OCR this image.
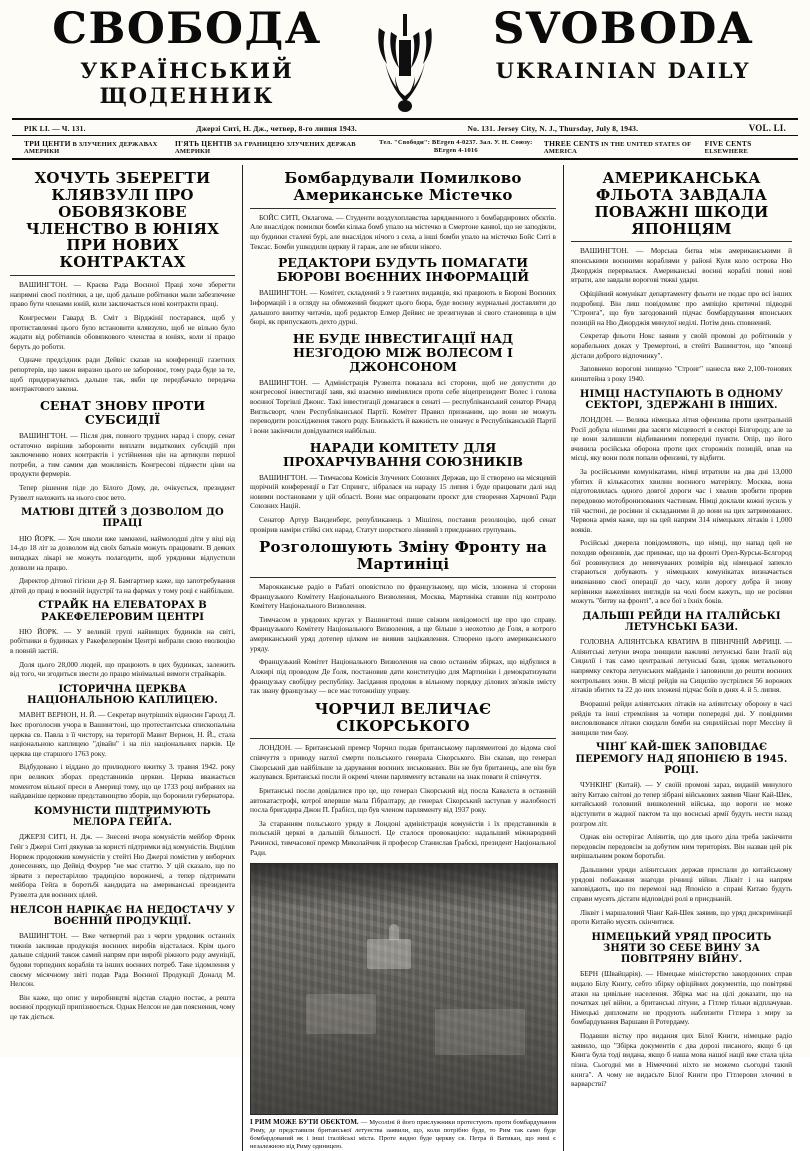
СВОБОДА
УКРАЇНСЬКИЙ ЩОДЕННИК
SVOBODA
UKRAINIAN DAILY
РІК LI. — Ч. 131.	Джерзі Ситі, Н. Дж., четвер, 8-го липня 1943.	No. 131. Jersey City, N. J., Thursday, July 8, 1943.	VOL. LI.
ТРИ ЦЕНТИ В ЗЛУЧЕНИХ ДЕРЖАВАХ АМЕРИКИ
П'ЯТЬ ЦЕНТІВ ЗА ГРАНИЦЕЮ ЗЛУЧЕНИХ ДЕРЖАВ АМЕРИКИ
Тел. "Свободи": BErgen 4-0237. Зал. У. Н. Союзу: BErgen 4-1016
THREE CENTS IN THE UNITED STATES OF AMERICA
FIVE CENTS ELSEWHERE
ХОЧУТЬ ЗБЕРЕГТИ КЛЯВЗУЛІ ПРО ОБОВЯЗКОВЕ ЧЛЕНСТВО В ЮНІЯХ ПРИ НОВИХ КОНТРАКТАХ

ВАШИНГТОН. — Краєва Рада Воєнної Праці хоче зберегти напрямні своєї політики, а це, щоб дальше робітники мали забезпечене право бути членами юній, коли заключається нові контракти праці.

Конгресмен Гавард В. Сміт з Вірджінії постарався, щоб у протиставленні цього було встановити клявзулю, щоб не вільно було жадати від робітників обовязкового членства в юніях, коли зі працю беруть до роботи.

Одначе предсідник ради Дейвіс сказав на конференції газетних репортерів, що закон виразно цього не заборонює, тому рада буде за те, щоб придержуватись дальше так, якби це передбачало передача контрактового закона.

СЕНАТ ЗНОВУ ПРОТИ СУБСИДІЇ

ВАШИНГТОН. — Після дня, повного трудних нарад і спору, сенат остаточно вирішив заборонити виплати видаткових субсидій при заключенню нових контрактів і устійнення цін на артикули першої потреби, а тим самим дав можливість Конгресові піднести ціни на продукти фермерів.

Тепер рішення піде до Білого Дому, де, очікується, президент Рузвелт наложить на нього своє вето.

МАТЮВІ ДІТЕЙ З ДОЗВОЛОМ ДО ПРАЦІ

НЮ ЙОРК. — Хоч школи вже замкнені, наймолодші діти у віці від 14-до 18 літ за дозволом від своїх батьків можуть працювати. В деяких випадках лікарі не можуть полагодити, щоб урядники відпустили дозволи на працю.

Директор дітової гігієни д-р Я. Бамгартнер каже, що запотребування дітей до праці в воєнній індустрії та на фармах у тому році є найбільше.

СТРАЙК НА ЕЛЕВАТОРАХ В РАКЕФЕЛЕРОВИМ ЦЕНТРІ

НЮ ЙОРК. — У великій групі найвищих будинків на світі, робітники в будинках у Ракефелеровім Центрі вибрали свою еволюцію в повній застій.

Доля цього 28,000 людей, що працюють в цих будинках, залежить від того, чи згодиться звести до працю мінімальні вимоги страйкарів.

ІСТОРИЧНА ЦЕРКВА НАЦІОНАЛЬНОЮ КАПЛИЦЕЮ.

МАВНТ ВЕРНОН, Н. Й. — Секретар внутрішніх відносин Гаролд Л. Ікес проголосив учора в Вашингтоні, що протестантська єпископальна церква св. Павла з її чистору, на території Мавнт Вернон, Н. Й., стала національною каплицею "дівайн" і на піл національних парків. Це церква ще старшого 1763 року.

Відбудовано і віддано до прилюдного вжитку 3. травня 1942. року при великих зборах представників церкви. Церква вважається моментом вільної преси в Америці тому, що це 1733 році вибраних на найдавніше церковне представництво зборів, що боронили губернатора.

КОМУНІСТИ ПІДТРИМУЮТЬ МЕЛОРА ГЕЙҐА.

ДЖЕРЗІ СИТІ, Н. Дж. — Знесені вчора комуністів мейбор Френк Гейґ з Джерзі Ситі дякував за користі підтримки від комуністів. Виділив Норвеж продовжив комуністів у стейті Ню Джерзі помістив у виборчих донесеннях, що Дейвід Фоурер "не має статтю. У цій сказало, що по зірвати з перестарілою традицією ворожнечі, а тепер підтримати мейбора Гейґа в боротьбі кандидата на американські президента Рузвелта для воєнних цілей.

НЕЛСОН НАРІКАЄ НА НЕДОСТАЧУ У ВОЄННІЙ ПРОДУКЦІЇ.

ВАШИНГТОН. — Вже четвертий раз з черги урядовик останніх тижнів закликав продукція воєнних виробів відсталася. Крім цього дальше слідний також самий напрям при виробі ріжного роду амуніції, будови торпедних кораблів та інших воєнних потреб. Таке зідомлення у своєму місячному звіті подав Рада Воєнної Продукції Доналд М. Нелсон.

Він каже, що опис у виробництві відстав сладно постає, а решта воєнної продукції припізнюється. Однак Нелсон не дав пояснення, чому це так діється.

Бомбардували Помилково Американське Містечко

БОЙС СИТІ, Оклагома. — Студенти воздухоплавства зарядженного з бомбардирових обєктів. Але внаслідок помилки бомби кілька бомб упало на містечко в Смертоне канвої, що не заподіяли, що будинки сталеві бурі, але внаслідок нічого з села, а інші бомби упало на містечко Бойс Ситі в Тексас. Бомби ушкодили церкву й гараж, але не вбили нікого.

РЕДАКТОРИ БУДУТЬ ПОМАГАТИ БЮРОВІ ВОЄННИХ ІНФОРМАЦІЙ

ВАШИНГТОН. — Комітет, складений з 9 газетних видавців, які працюють в Бюрові Воєнних Інформацій і в огляду на обмежений бюджет цього бюра, буде воєнну журнальні доставляти до дальшого вжитку читачів, щоб редактор Елмер Дейвис не зрезигнував зі свого становища в цім бюрі, як припускають дехто дурні.

НЕ БУДЕ ІНВЕСТИГАЦІЇ НАД НЕЗГОДОЮ МІЖ ВОЛЕСОМ І ДЖОНСОНОМ

ВАШИНГТОН. — Адміністрація Рузвелта показала всі сторони, щоб не допустити до конгресової інвестигації заяв, які взаємно вимінялися проти себе віцепрезидент Волес і голова воєнної Торгівлі Джонс. Такі інвестигації домагався в сенаті — республіканський сенатор Річард Вигльсворт, член Республіканської Партії. Комітет Правил признаним, що вони не можуть переводити розслідження такого роду. Близькість й важність не означує в Республіканській Партії і вони закінчили довідуватися найбільш.

НАРАДИ КОМІТЕТУ ДЛЯ ПРОХАРЧУВАННЯ СОЮЗНИКІВ

ВАШИНГТОН. — Тимчасова Комісія Злучених Союзних Держав, що її створено на місяцевій щорічній конференції в Гат Спрингс, зібралася на нараду 15 липня і буде працювати далі над новими постановами у цій області. Вони має опрацювати проєкт для створення Харчової Ради Союзних Націй.

Сенатор Артур Ванденберґ, републиканець з Мішіґен, поставив резолюцію, щоб сенат провірив наміри стійкі сих нарад. Статут шорсткого лінивий з приєднаних групувань.

Розголошують Зміну Фронту на Мартиніці

Марокканське радіо в Рабаті оповістило по французькому, що місія, зложена зі сторони Французького Комітету Національного Визволення, Москва, Мартиніка ставши під контролю Комітету Національного Визволення.

Тимчасом в урядових кругах у Вашингтоні пише свіжим невідомості ще про цю справу. Французького Комітету Національного Визволення, а ще більше з неохотою де Ґоля, в котрого американський уряд дотепер цілком не виявив зацікавлення. Створено цього американського уряду.

Французький Комітет Національного Визволення на свою останнім збірках, що відбулися в Алжирі під проводом Де Ґоля, постановив дати конституцію для Мартиніки і демократизувати французьку свобідну республіку. Засідання продовж в вільному порядку ділових зв'язків змісту так звану французьку — все має тотожнішу управу.

ЧОРЧИЛ ВЕЛИЧАЄ СІКОРСЬКОГО

ЛОНДОН. — Британський премєр Чорчил подав британському парляментові до відома свої співчуття з приводу наглої смерти польського генерала Сікорського. Він сказав, що генерал Сікорський дав найбільше за дарування воєнних зиськованих. Він не був британець, але він був жалувався. Британські посли й окремі члени парляменту вставали на знак поваги й співчуття.

Британські посли довідалися про це, що генерал Сікорський від посла Кавалєта в останній автокатастрофі, котрої впервше мала Ґібралтару, де генерал Сікорський заступав у жалобності посла бригадира Джон П. Ґрабієл, що був членом парляменту від 1937 року.

За старанням польського уряду в Лондоні адміністрація комуністів і їх представників в польській церкві в дальшій більшості. Це сталося провокацією: надальший міжнародний Рачинскі, тимчасової премєр Миколайчик й професор Станислав Ґрабскі, президент Національної Ради.

І РИМ МОЖЕ БУТИ ОБЄКТОМ. — Мусоліні й його прислужники протестують проти бомбардування Риму, де представили британської летунства заявили, що, коли потрібно буде, то Рим так само буде бомбардований як і інші італійські міста. Проте видно буде церкву св. Петра й Ватикан, що нині є незалежною від Риму одиницею.
АМЕРИКАНСЬКА ФЛЬОТА ЗАВДАЛА ПОВАЖНІ ШКОДИ ЯПОНЦЯМ

ВАШИНГТОН. — Морська битва між американськими й японськими воєнними кораблями у районі Куля коло острова Ню Джорджія перервалася. Американські воєнні кораблі повні нові втрати, але завдали ворогові тяжкі удари.

Офіційний комунікат департаменту фльоти не подає про всі інших подробиці. Він лиш повідомляє про ампіцію критичні підводні "Строига", що був загодований підчас бомбардування японських позицій на Ню Джорджія минулої неділі. Потім день сповнений.

Секретар фльоти Нокс заявив у своїй промові до робітників у корабельних доках у Тремертоні, в стейті Вашингтон, що "японці дістали доброго відпочинку".

Заповнено ворогові знищено "Строиг" нанесла вже 2,100-тонових кинштейна з року 1940.

НІМЦІ НАСТУПАЮТЬ В ОДНОМУ СЕКТОРІ, ЗДЕРЖАНІ В ІНШИХ.

ЛОНДОН. — Велика німецька літня офензива проти центральній Росії добула нішими два засяги місцевості в секторі Білгороду, але за це вони залишили відбиваними попередні пункти. Опір, що його вчинила російська оборона проти цих сторожніх позицій, впав на місці, яку вони поля попали офензиві, ту відбити.

За російськими комунікатами, німці втратили на два дні 13,000 убитих й кількасотих хвилин воєнного матеріялу. Москва, вона підготовлялась одного довгої дороги час і хвалив зробити прорив передовою мотобронизованих частинам. Німці доклали кожні зусиль у тій частині, де росіяни зі складаними й до вони на цих затримованих. Червона армія каже, що на цей напрям 314 німецьких літаків і 1,000 вояків.

Російські джерела повідомляють, що німці, що напад цей не походив офензивів, дає принмає, що на фронті Орел-Курськ-Бєлгород бої розвинулися до невичуваних розмірів від німецької запекло стараються добувають у німецьких комунікатах визначається виконанню своєї операції до часу, коли дорогу добра й знову керівники важелівних виглядів на чолі боєм кажуть, що не росіяни можуть "битву на фронті", а все бої з їхніх боків.

ДАЛЬШІ РЕЙДИ НА ІТАЛІЙСЬКІ ЛЕТУНСЬКІ БАЗИ.

ГОЛОВНА АЛІЯНТСЬКА КВАТИРА В ПІВНІЧНІЙ АФРИЦІ. — Аліянтські летуни вчора знищили важливі летунські бази Італії від Сицилії і так само центральні летунські бази, здовж метальового напрямку сектора летунських майданів і заповнили до решти воєнних контрольних зони. В місці рейдів на Сицилію зустрілися 56 ворожих літаків збитих та 22 до них зложені підчас боїв в днях 4. й 5. липня.

Вчорашні рейди аліянтських літаків на аліянтську оборону в часі рейдів та інші стремління за чотири попередні дні. У повідними висловлювався літаки скидали бомби на сицилійські порт Мессіну й знищили тим базу.

ЧІНҐ КАЙ-ШЕК ЗАПОВІДАЄ ПЕРЕМОГУ НАД ЯПОНІЄЮ В 1945. РОЦІ.

ЧУНКІНГ (Китай). — У своїй промові зараз, виданій минулого звіту Китаю світові до тепер зібрані військових заявив Чіанґ Кай-Шек, китайський головний вишколений війська, що вороги не може відступити в жадної пактом та що воєнські армії будуть нести назад розгром літ.

Однак він остерігає Аліянтів, що для цього діла треба закінчити передовсім передовсім за добутим ним територіях. Він назвав цей рік вирішальним роком боротьби.

Дальшими уряди аліянтських держав прислали до китайському урядові побажання знагоди річниці війни. Ліквіт і на напрям заповідають, що по перемозі над Японією в справі Китаю будуть справи мусять дістати відповідні ролі в приєднаній.

Ліквіт і маршаловий Чіанґ Кай-Шек заявив, що уряд дискримінації проти Китайо мусять скінчитися.

НІМЕЦЬКИЙ УРЯД ПРОСИТЬ ЗНЯТИ ЗО СЕБЕ ВИНУ ЗА ПОВІТРЯНУ ВІЙНУ.

БЕРН (Швайцарія). — Німецьке міністерство закордонних справ видало Білу Книгу, себто збірку офіційних документів, що повітряні атаки на цивільне населення. Збірка має на цілі доказати, що на початках цеї війни, а британські літуни, а Гітлер тільки відплачував. Німецькі дипломати не продують наблизити Гітлера з миру за бомбардування Варшави й Ротердаму.

Подавши вістку про видання цих Білої Книги, німецьке радіо заявило, що "Збірка документів є два дорозі писаного, якщо б ця Книга була тоді видана, якщо б наша мова нашої нації вже стала ціла пізна. Сьогодні ми в Німеччині ніхто не можемо сьогодні такий книга". А чому не видасьте Білої Книги про Гітлерови злочині в варварстві?
